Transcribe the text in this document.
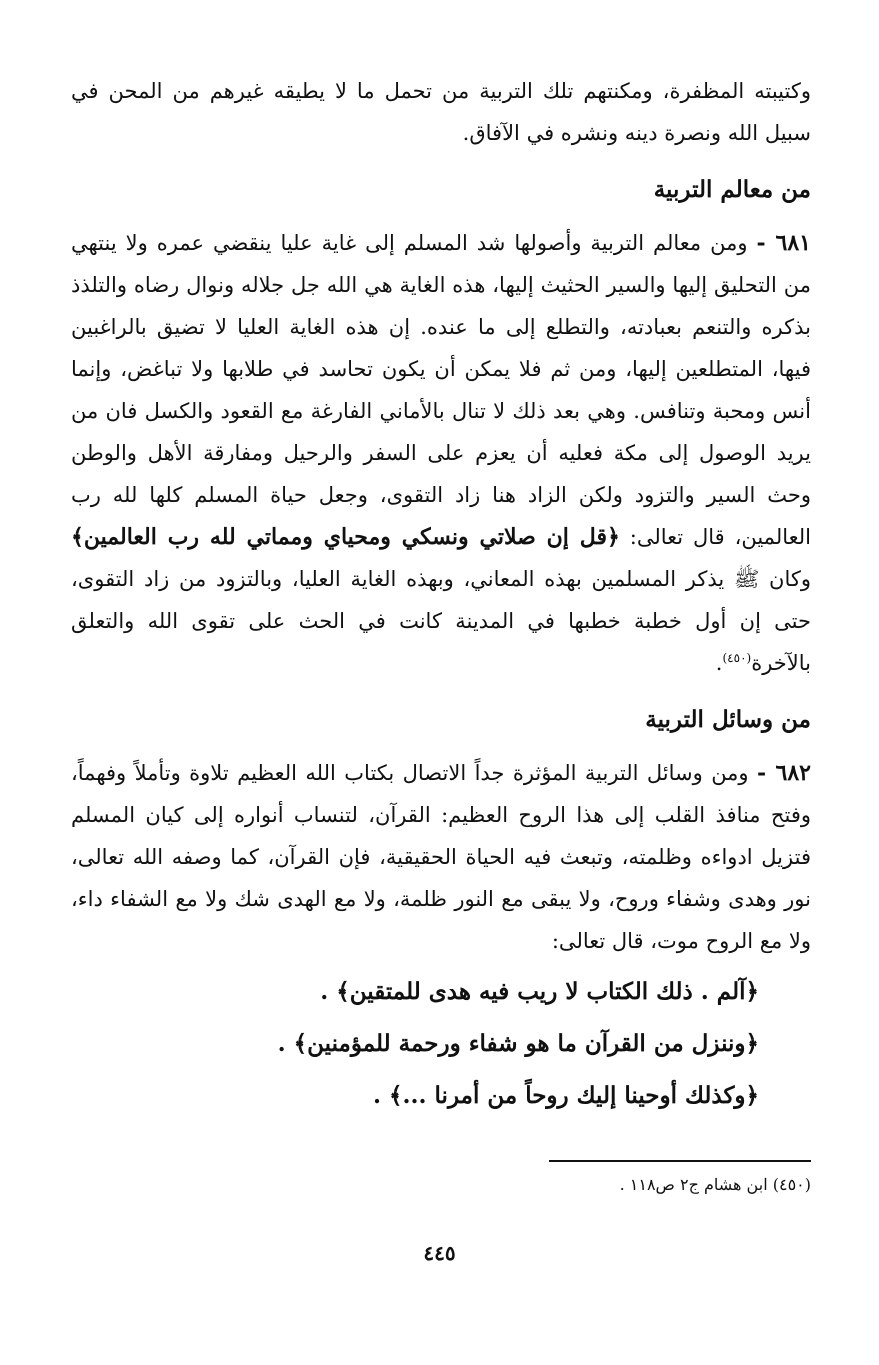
وكتيبته المظفرة، ومكنتهم تلك التربية من تحمل ما لا يطيقه غيرهم من المحن في سبيل الله ونصرة دينه ونشره في الآفاق.

من معالم التربية

٦٨١ - ومن معالم التربية وأصولها شد المسلم إلى غاية عليا ينقضي عمره ولا ينتهي من التحليق إليها والسير الحثيث إليها، هذه الغاية هي الله جل جلاله ونوال رضاه والتلذذ بذكره والتنعم بعبادته، والتطلع إلى ما عنده. إن هذه الغاية العليا لا تضيق بالراغبين فيها، المتطلعين إليها، ومن ثم فلا يمكن أن يكون تحاسد في طلابها ولا تباغض، وإنما أنس ومحبة وتنافس. وهي بعد ذلك لا تنال بالأماني الفارغة مع القعود والكسل فان من يريد الوصول إلى مكة فعليه أن يعزم على السفر والرحيل ومفارقة الأهل والوطن وحث السير والتزود ولكن الزاد هنا زاد التقوى، وجعل حياة المسلم كلها لله رب العالمين، قال تعالى: ﴿قل إن صلاتي ونسكي ومحياي ومماتي لله رب العالمين﴾ وكان ﷺ يذكر المسلمين بهذه المعاني، وبهذه الغاية العليا، وبالتزود من زاد التقوى، حتى إن أول خطبة خطبها في المدينة كانت في الحث على تقوى الله والتعلق بالآخرة$^{(٤٥٠)}$.

من وسائل التربية

٦٨٢ - ومن وسائل التربية المؤثرة جداً الاتصال بكتاب الله العظيم تلاوة وتأملاً وفهماً، وفتح منافذ القلب إلى هذا الروح العظيم: القرآن، لتنساب أنواره إلى كيان المسلم فتزيل ادواءه وظلمته، وتبعث فيه الحياة الحقيقية، فإن القرآن، كما وصفه الله تعالى، نور وهدى وشفاء وروح، ولا يبقى مع النور ظلمة، ولا مع الهدى شك ولا مع الشفاء داء، ولا مع الروح موت، قال تعالى:

﴿آلم . ذلك الكتاب لا ريب فيه هدى للمتقين﴾ .

﴿وننزل من القرآن ما هو شفاء ورحمة للمؤمنين﴾ .

﴿وكذلك أوحينا إليك روحاً من أمرنا ...﴾ .

(٤٥٠) ابن هشام ج٢ ص١١٨ .
٤٤٥
